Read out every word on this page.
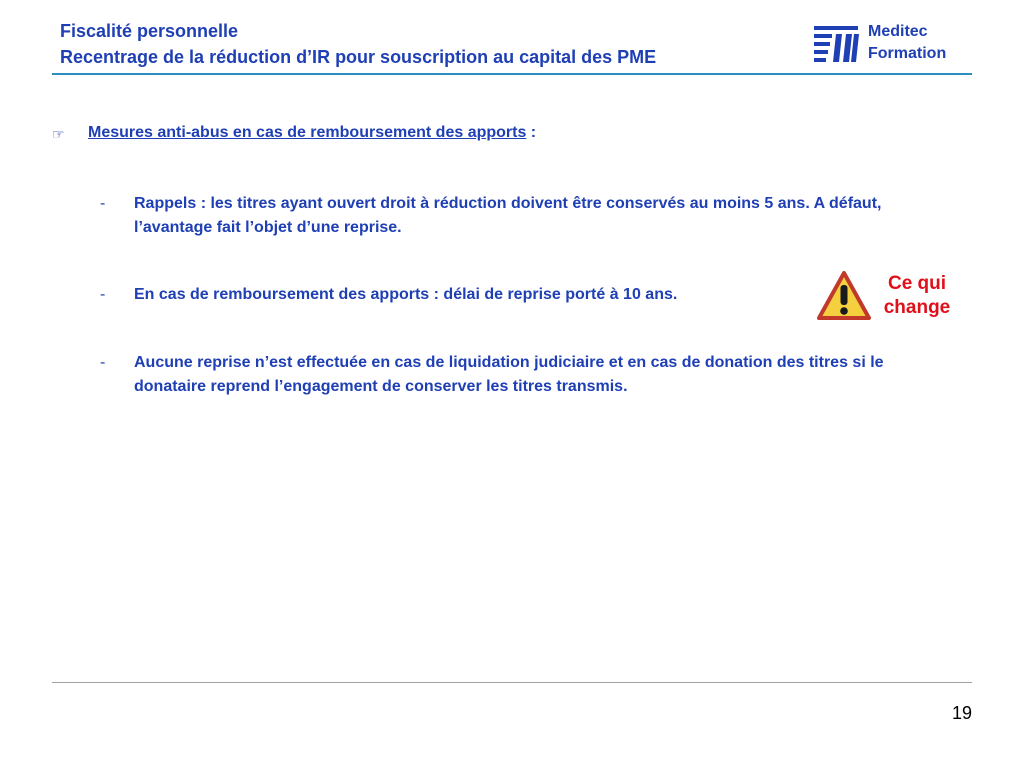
Fiscalité personnelle
Recentrage de la réduction d’IR pour souscription au capital des PME
Meditec
Formation
☞	Mesures anti-abus en cas de remboursement des apports :
-	Rappels : les titres ayant ouvert droit à réduction doivent être conservés au moins 5 ans. A défaut, l’avantage fait l’objet d’une reprise.
-	En cas de remboursement des apports : délai de reprise porté à 10 ans.
-	Aucune reprise n’est effectuée en cas de liquidation judiciaire et en cas de donation des titres si le donataire reprend l’engagement de conserver les titres transmis.
Ce qui change
19
